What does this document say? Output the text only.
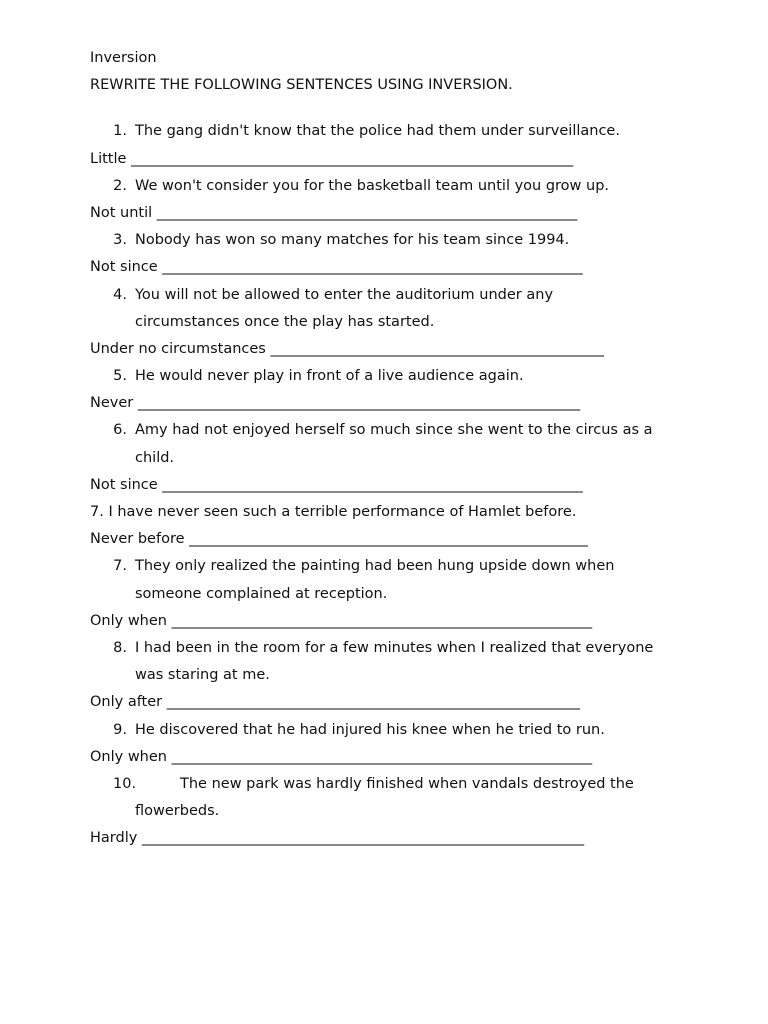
Inversion
REWRITE THE FOLLOWING SENTENCES USING INVERSION.
1. The gang didn't know that the police had them under surveillance.
Little _____________________________________________________________
2. We won't consider you for the basketball team until you grow up.
Not until __________________________________________________________
3. Nobody has won so many matches for his team since 1994.
Not since __________________________________________________________
4. You will not be allowed to enter the auditorium under any
circumstances once the play has started.
Under no circumstances ______________________________________________
5. He would never play in front of a live audience again.
Never _____________________________________________________________
6. Amy had not enjoyed herself so much since she went to the circus as a
child.
Not since __________________________________________________________
7. I have never seen such a terrible performance of Hamlet before.
Never before _______________________________________________________
7. They only realized the painting had been hung upside down when
someone complained at reception.
Only when __________________________________________________________
8. I had been in the room for a few minutes when I realized that everyone
was staring at me.
Only after _________________________________________________________
9. He discovered that he had injured his knee when he tried to run.
Only when __________________________________________________________
10.	The new park was hardly finished when vandals destroyed the
flowerbeds.
Hardly _____________________________________________________________
